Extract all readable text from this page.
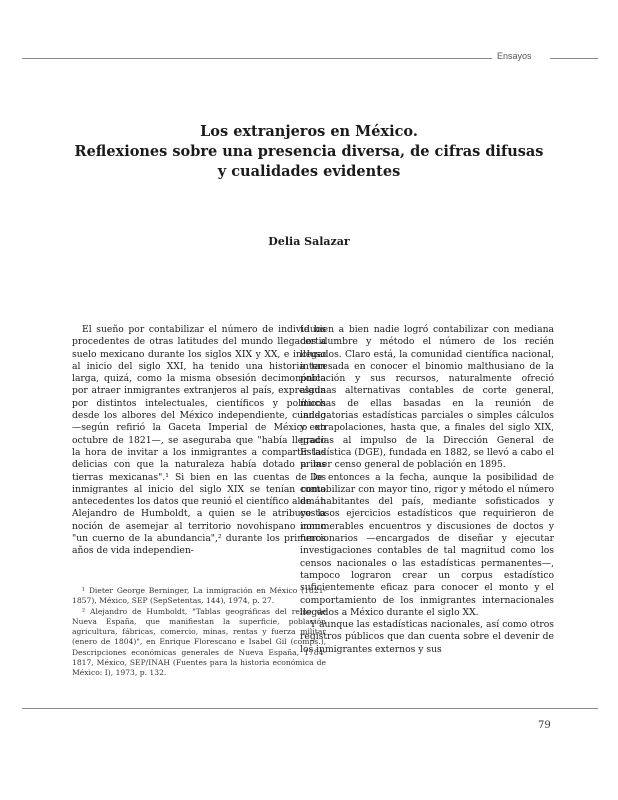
Ensayos
Los extranjeros en México.
Reflexiones sobre una presencia diversa, de cifras difusas
y cualidades evidentes
Delia Salazar

El sueño por contabilizar el número de individuos procedentes de otras latitudes del mundo llegados a suelo mexicano durante los siglos XIX y XX, e incluso al inicio del siglo XXI, ha tenido una historia tan larga, quizá, como la misma obsesión decimonónica por atraer inmigrantes extranjeros al país, expresada por distintos intelectuales, científicos y políticos desde los albores del México independiente, cuando —según refirió la Gaceta Imperial de México en octubre de 1821—, se aseguraba que "había llegado la hora de invitar a los inmigrantes a compartir las delicias con que la naturaleza había dotado a las tierras mexicanas".¹ Si bien en las cuentas de los inmigrantes al inicio del siglo XIX se tenían como antecedentes los datos que reunió el científico alemán Alejandro de Humboldt, a quien se le atribuye la noción de asemejar al territorio novohispano como "un cuerno de la abundancia",² durante los primeros años de vida independien-

te bien a bien nadie logró contabilizar con mediana certidumbre y método el número de los recién llegados. Claro está, la comunidad científica nacional, interesada en conocer el binomio malthusiano de la población y sus recursos, naturalmente ofreció algunas alternativas contables de corte general, muchas de ellas basadas en la reunión de indagatorias estadísticas parciales o simples cálculos y extrapolaciones, hasta que, a finales del siglo XIX, gracias al impulso de la Dirección General de Estadística (DGE), fundada en 1882, se llevó a cabo el primer censo general de población en 1895.

De entonces a la fecha, aunque la posibilidad de contabilizar con mayor tino, rigor y método el número de habitantes del país, mediante sofisticados y costosos ejercicios estadísticos que requirieron de innumerables encuentros y discusiones de doctos y funcionarios —encargados de diseñar y ejecutar investigaciones contables de tal magnitud como los censos nacionales o las estadísticas permanentes—, tampoco lograron crear un corpus estadístico suficientemente eficaz para conocer el monto y el comportamiento de los inmigrantes internacionales llegados a México durante el siglo XX.

Y aunque las estadísticas nacionales, así como otros registros públicos que dan cuenta sobre el devenir de los inmigrantes externos y sus

¹ Dieter George Berninger, La inmigración en México (1821-1857), México, SEP (SepSetentas, 144), 1974, p. 27.

² Alejandro de Humboldt, "Tablas geográficas del reino de Nueva España, que manifiestan la superficie, población agricultura, fábricas, comercio, minas, rentas y fuerza militar (enero de 1804)", en Enrique Florescano e Isabel Gil (comps.), Descripciones económicas generales de Nueva España, 1784-1817, México, SEP/INAH (Fuentes para la historia económica de México: I), 1973, p. 132.

79
